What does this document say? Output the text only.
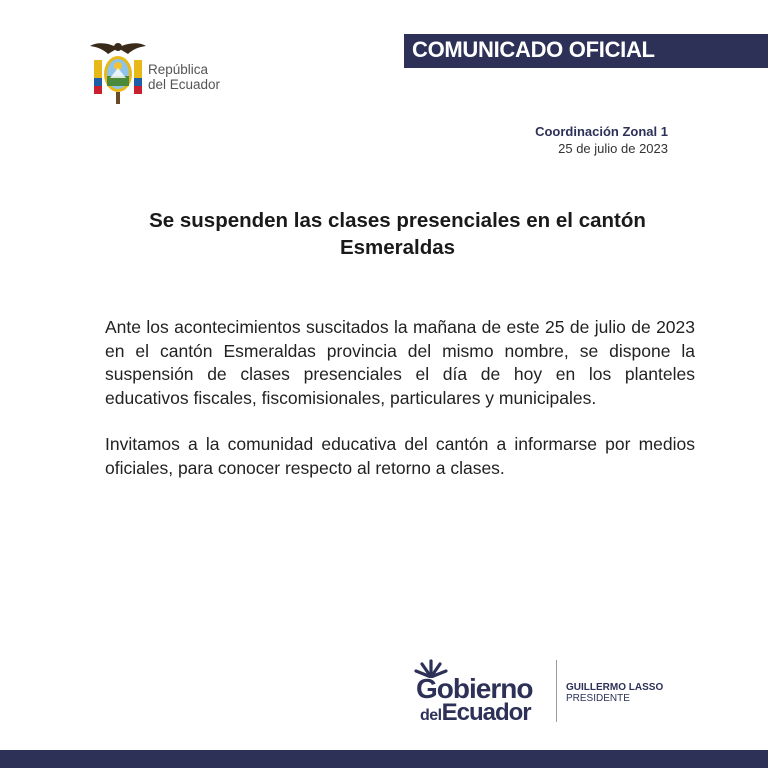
República
del Ecuador
COMUNICADO OFICIAL
Coordinación Zonal 1
25 de julio de 2023
Se suspenden las clases presenciales en el cantón
Esmeraldas

Ante los acontecimientos suscitados la mañana de este 25 de julio de 2023 en el cantón Esmeraldas provincia del mismo nombre, se dispone la suspensión de clases presenciales el día de hoy en los planteles educativos fiscales, fiscomisionales, particulares y municipales.

Invitamos a la comunidad educativa del cantón a informarse por medios oficiales, para conocer respecto al retorno a clases.

Gobierno
delEcuador
GUILLERMO LASSO
PRESIDENTE
